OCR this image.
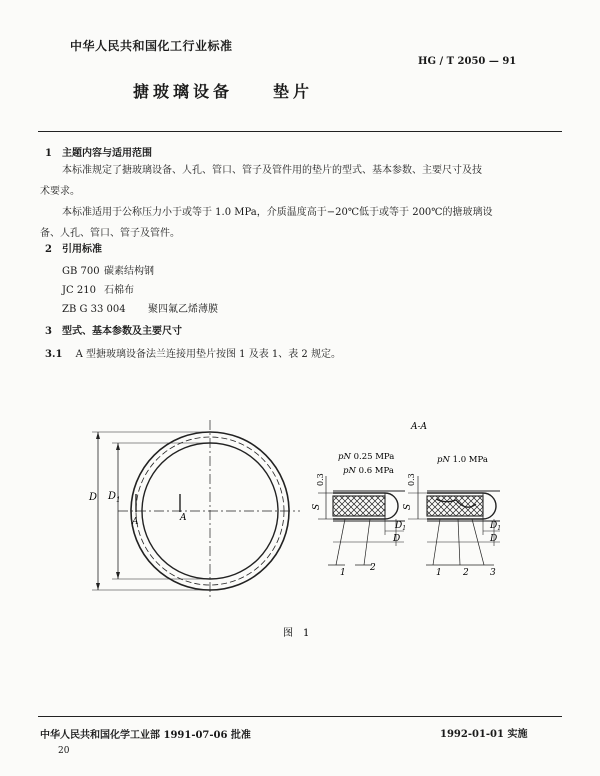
中华人民共和国化工行业标准
HG / T 2050 — 91
搪玻璃设备　　垫片
1　主题内容与适用范围
本标准规定了搪玻璃设备、人孔、管口、管子及管件用的垫片的型式、基本参数、主要尺寸及技
术要求。
本标准适用于公称压力小于或等于 1.0 MPa，介质温度高于−20℃低于或等于 200℃的搪玻璃设
备、人孔、管口、管子及管件。
2　引用标准
GB 700 碳素结构钢
JC 210 石棉布
ZB G 33 004 聚四氟乙烯薄膜
3　型式、基本参数及主要尺寸
3.1 A 型搪玻璃设备法兰连接用垫片按图 1 及表 1、表 2 规定。
D $D_1$
A	A
A-A
pN 0.25 MPa
pN 0.6 MPa
0.3
S
$D_1$
D
1	2
pN 1.0 MPa
0.3
S
$D_1$
D
1 2 3
图　1
中华人民共和国化学工业部 1991-07-06 批准	1992-01-01 实施
20
